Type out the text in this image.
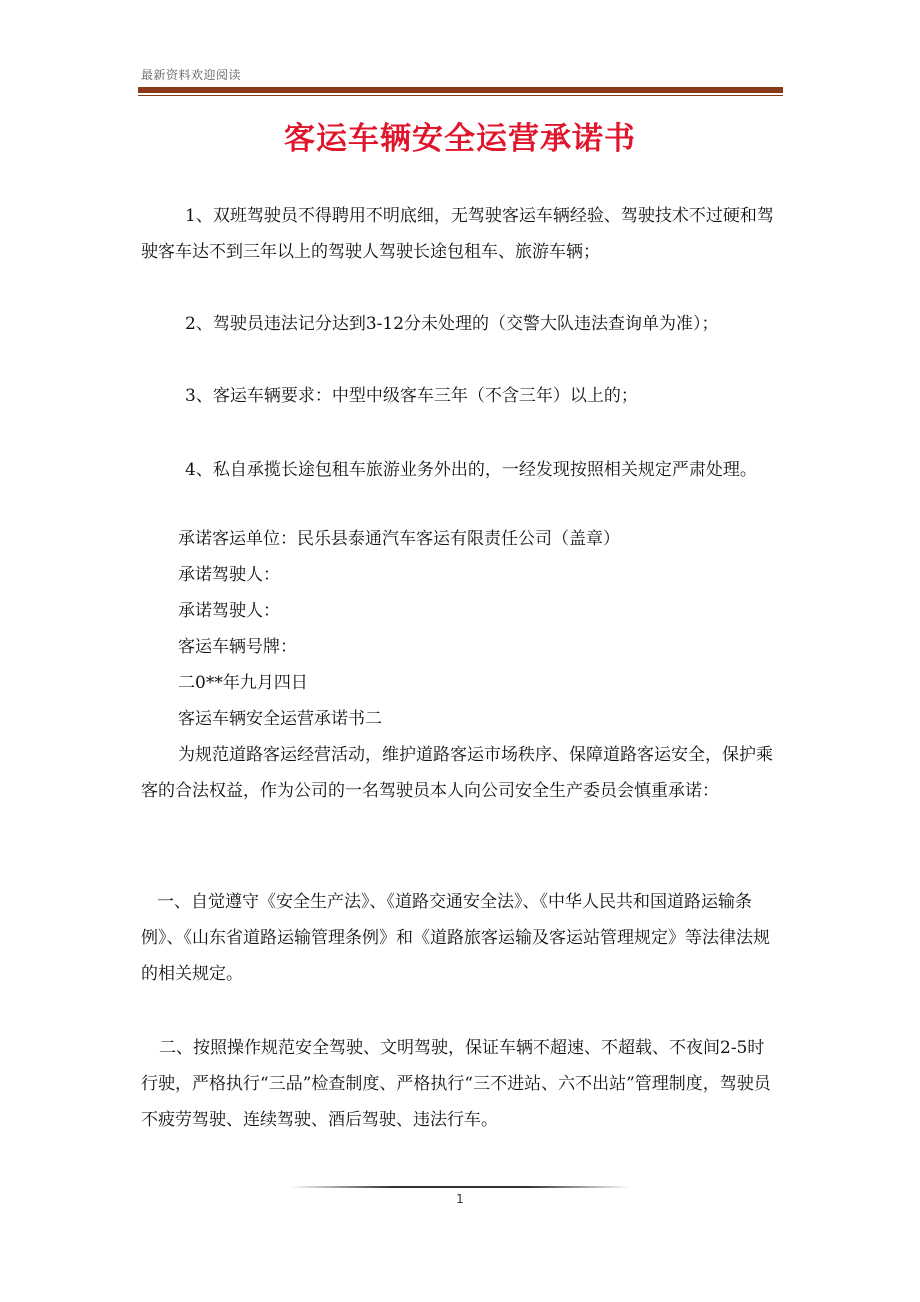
最新资料欢迎阅读
客运车辆安全运营承诺书
1、双班驾驶员不得聘用不明底细，无驾驶客运车辆经验、驾驶技术不过硬和驾驶客车达不到三年以上的驾驶人驾驶长途包租车、旅游车辆；
2、驾驶员违法记分达到3-12分未处理的（交警大队违法查询单为准）；
3、客运车辆要求：中型中级客车三年（不含三年）以上的；
4、私自承揽长途包租车旅游业务外出的，一经发现按照相关规定严肃处理。
承诺客运单位：民乐县泰通汽车客运有限责任公司（盖章）
承诺驾驶人：
承诺驾驶人：
客运车辆号牌：
二0**年九月四日
客运车辆安全运营承诺书二
为规范道路客运经营活动，维护道路客运市场秩序、保障道路客运安全，保护乘客的合法权益，作为公司的一名驾驶员本人向公司安全生产委员会慎重承诺：
一、自觉遵守《安全生产法》、《道路交通安全法》、《中华人民共和国道路运输条例》、《山东省道路运输管理条例》和《道路旅客运输及客运站管理规定》等法律法规的相关规定。
二、按照操作规范安全驾驶、文明驾驶，保证车辆不超速、不超载、不夜间2-5时行驶，严格执行“三品”检查制度、严格执行“三不进站、六不出站”管理制度，驾驶员不疲劳驾驶、连续驾驶、酒后驾驶、违法行车。
1
